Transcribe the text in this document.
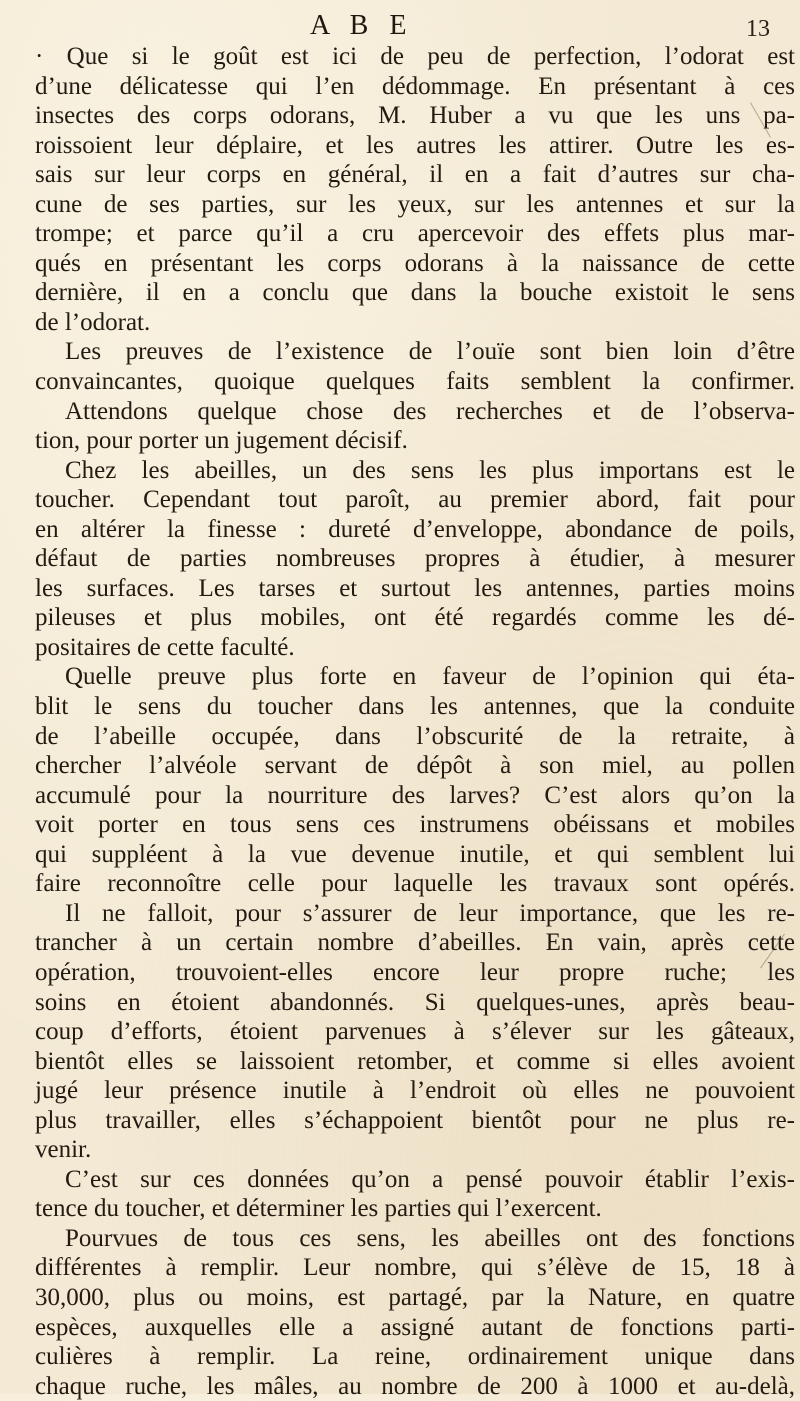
A B E	13
· Que si le goût est ici de peu de perfection, l’odorat est
d’une délicatesse qui l’en dédommage. En présentant à ces
insectes des corps odorans, M. Huber a vu que les uns pa-
roissoient leur déplaire, et les autres les attirer. Outre les es-
sais sur leur corps en général, il en a fait d’autres sur cha-
cune de ses parties, sur les yeux, sur les antennes et sur la
trompe; et parce qu’il a cru apercevoir des effets plus mar-
qués en présentant les corps odorans à la naissance de cette
dernière, il en a conclu que dans la bouche existoit le sens
de l’odorat.
Les preuves de l’existence de l’ouïe sont bien loin d’être
convaincantes, quoique quelques faits semblent la confirmer.
Attendons quelque chose des recherches et de l’observa-
tion, pour porter un jugement décisif.
Chez les abeilles, un des sens les plus importans est le
toucher. Cependant tout paroît, au premier abord, fait pour
en altérer la finesse : dureté d’enveloppe, abondance de poils,
défaut de parties nombreuses propres à étudier, à mesurer
les surfaces. Les tarses et surtout les antennes, parties moins
pileuses et plus mobiles, ont été regardés comme les dé-
positaires de cette faculté.
Quelle preuve plus forte en faveur de l’opinion qui éta-
blit le sens du toucher dans les antennes, que la conduite
de l’abeille occupée, dans l’obscurité de la retraite, à
chercher l’alvéole servant de dépôt à son miel, au pollen
accumulé pour la nourriture des larves? C’est alors qu’on la
voit porter en tous sens ces instrumens obéissans et mobiles
qui suppléent à la vue devenue inutile, et qui semblent lui
faire reconnoître celle pour laquelle les travaux sont opérés.
Il ne falloit, pour s’assurer de leur importance, que les re-
trancher à un certain nombre d’abeilles. En vain, après cette
opération, trouvoient-elles encore leur propre ruche; les
soins en étoient abandonnés. Si quelques-unes, après beau-
coup d’efforts, étoient parvenues à s’élever sur les gâteaux,
bientôt elles se laissoient retomber, et comme si elles avoient
jugé leur présence inutile à l’endroit où elles ne pouvoient
plus travailler, elles s’échappoient bientôt pour ne plus re-
venir.
C’est sur ces données qu’on a pensé pouvoir établir l’exis-
tence du toucher, et déterminer les parties qui l’exercent.
Pourvues de tous ces sens, les abeilles ont des fonctions
différentes à remplir. Leur nombre, qui s’élève de 15, 18 à
30,000, plus ou moins, est partagé, par la Nature, en quatre
espèces, auxquelles elle a assigné autant de fonctions parti-
culières à remplir. La reine, ordinairement unique dans
chaque ruche, les mâles, au nombre de 200 à 1000 et au-delà,
